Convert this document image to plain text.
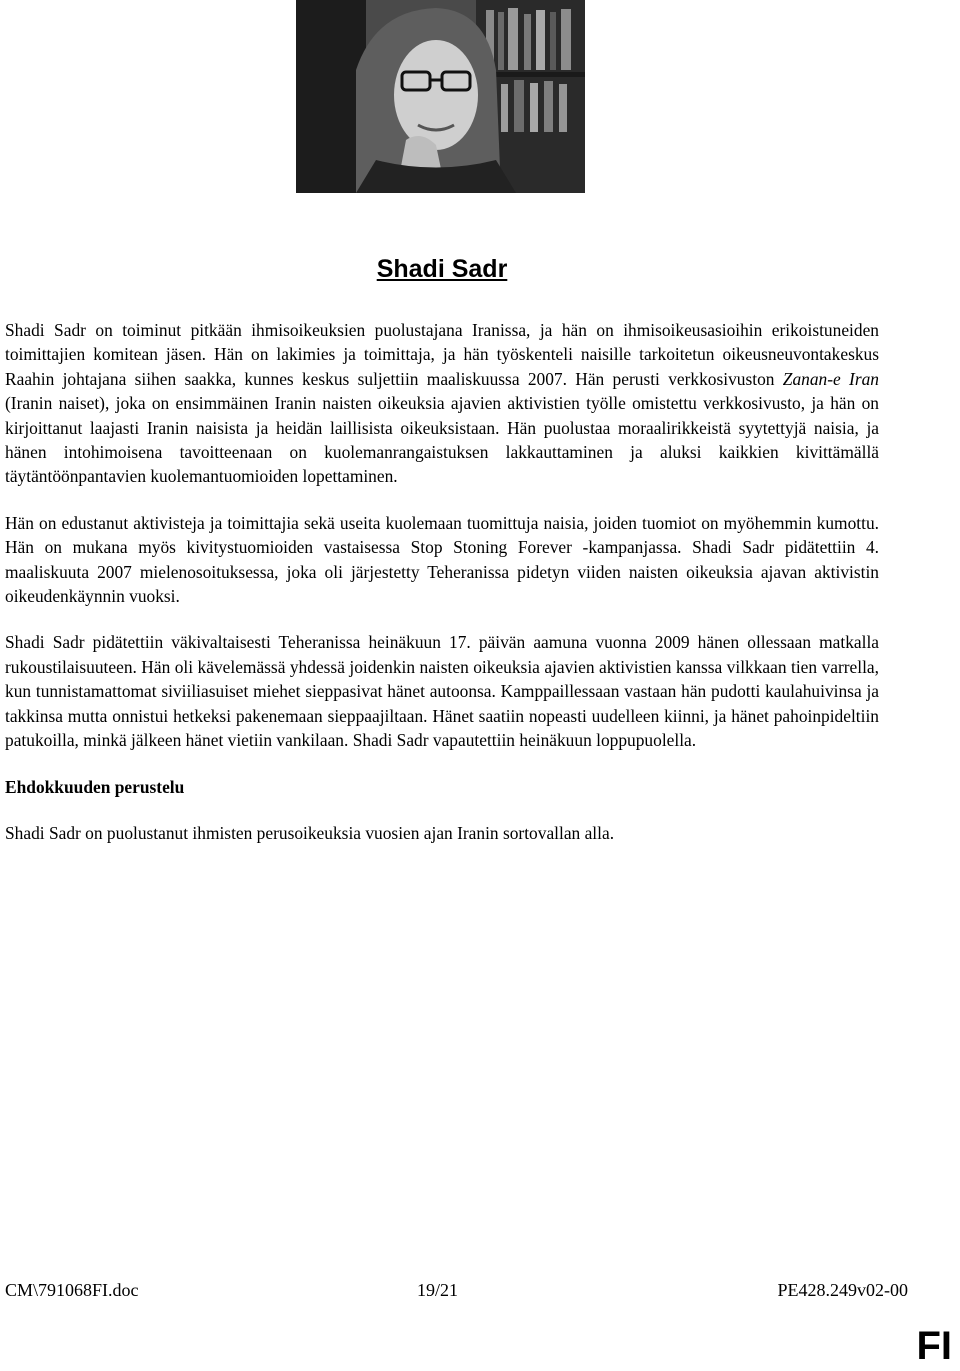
Shadi Sadr

Shadi Sadr on toiminut pitkään ihmisoikeuksien puolustajana Iranissa, ja hän on ihmisoikeusasioihin erikoistuneiden toimittajien komitean jäsen. Hän on lakimies ja toimittaja, ja hän työskenteli naisille tarkoitetun oikeusneuvontakeskus Raahin johtajana siihen saakka, kunnes keskus suljettiin maaliskuussa 2007. Hän perusti verkkosivuston Zanan-e Iran (Iranin naiset), joka on ensimmäinen Iranin naisten oikeuksia ajavien aktivistien työlle omistettu verkkosivusto, ja hän on kirjoittanut laajasti Iranin naisista ja heidän laillisista oikeuksistaan. Hän puolustaa moraalirikkeistä syytettyjä naisia, ja hänen intohimoisena tavoitteenaan on kuolemanrangaistuksen lakkauttaminen ja aluksi kaikkien kivittämällä täytäntöönpantavien kuolemantuomioiden lopettaminen.

Hän on edustanut aktivisteja ja toimittajia sekä useita kuolemaan tuomittuja naisia, joiden tuomiot on myöhemmin kumottu. Hän on mukana myös kivitystuomioiden vastaisessa Stop Stoning Forever -kampanjassa. Shadi Sadr pidätettiin 4. maaliskuuta 2007 mielenosoituksessa, joka oli järjestetty Teheranissa pidetyn viiden naisten oikeuksia ajavan aktivistin oikeudenkäynnin vuoksi.

Shadi Sadr pidätettiin väkivaltaisesti Teheranissa heinäkuun 17. päivän aamuna vuonna 2009 hänen ollessaan matkalla rukoustilaisuuteen. Hän oli kävelemässä yhdessä joidenkin naisten oikeuksia ajavien aktivistien kanssa vilkkaan tien varrella, kun tunnistamattomat siviiliasuiset miehet sieppasivat hänet autoonsa. Kamppaillessaan vastaan hän pudotti kaulahuivinsa ja takkinsa mutta onnistui hetkeksi pakenemaan sieppaajiltaan. Hänet saatiin nopeasti uudelleen kiinni, ja hänet pahoinpideltiin patukoilla, minkä jälkeen hänet vietiin vankilaan. Shadi Sadr vapautettiin heinäkuun loppupuolella.

Ehdokkuuden perustelu

Shadi Sadr on puolustanut ihmisten perusoikeuksia vuosien ajan Iranin sortovallan alla.

CM\791068FI.doc	19/21	PE428.249v02-00
FI
